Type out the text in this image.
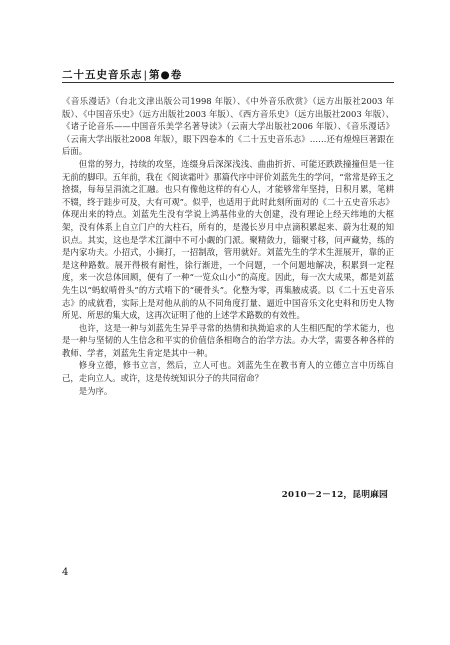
二十五史音乐志|第●卷

《音乐漫话》（台北文津出版公司1998 年版）、《中外音乐欣赏》（远方出版社2003 年版）、《中国音乐史》（远方出版社2003 年版）、《西方音乐史》（远方出版社2003 年版）、《诸子论音乐——中国音乐美学名著导读》（云南大学出版社2006 年版）、《音乐漫话》（云南大学出版社2008 年版），眼下四卷本的《二十五史音乐志》……还有煌煌巨著跟在后面。

但常的努力，持续的攻坚，连缀身后深深浅浅、曲曲折折、可能还跌跌撞撞但是一往无前的脚印。五年前，我在《阅读霜叶》那篇代序中评价刘蓝先生的学问，“常常是碎玉之捨掇，每每呈涓流之汇融。也只有像他这样的有心人，才能够常年坚持，日积月累，笔耕不辍，终于跬步可及，大有可观”。似乎，也适用于此时此刻所面对的《二十五史音乐志》体现出来的特点。刘蓝先生没有学说上鸿基伟业的大创建，没有理论上经天纬地的大框架，没有体系上自立门户的大柱石，所有的，是漫长岁月中点滴积累起来、蔚为壮观的知识点。其实，这也是学术江湖中不可小觑的门派。聚精敛力，锱聚寸移，问声藏势，练的是内家功夫。小招式，小摘打，一招制敌，管用就好。刘蓝先生的学术生涯展开，靠的正是这种路数。展开得极有耐性，徐行渐进，一个问题，一个问题地解决，积累到一定程度，来一次总体回顾，便有了一种“一览众山小”的高度。因此，每一次大成果，都是刘蓝先生以“蚂蚁啃骨头”的方式啃下的“硬骨头”。化整为零，再集腋成裘。以《二十五史音乐志》的成就看，实际上是对他从前的从不同角度打量、逼近中国音乐文化史料和历史人物所见、所思的集大成，这再次证明了他的上述学术路数的有效性。

也许，这是一种与刘蓝先生异乎寻常的热情和执拗追求的人生相匹配的学术能力，也是一种与坚韧的人生信念和平实的价值信条相吻合的治学方法。办大学，需要各种各样的教师、学者，刘蓝先生肯定是其中一种。

修身立德，修书立言，然后，立人可也。刘蓝先生在教书育人的立德立言中历练自己，走向立人。或许，这是传统知识分子的共同宿命？

是为序。

2010－2－12，昆明麻园
4
